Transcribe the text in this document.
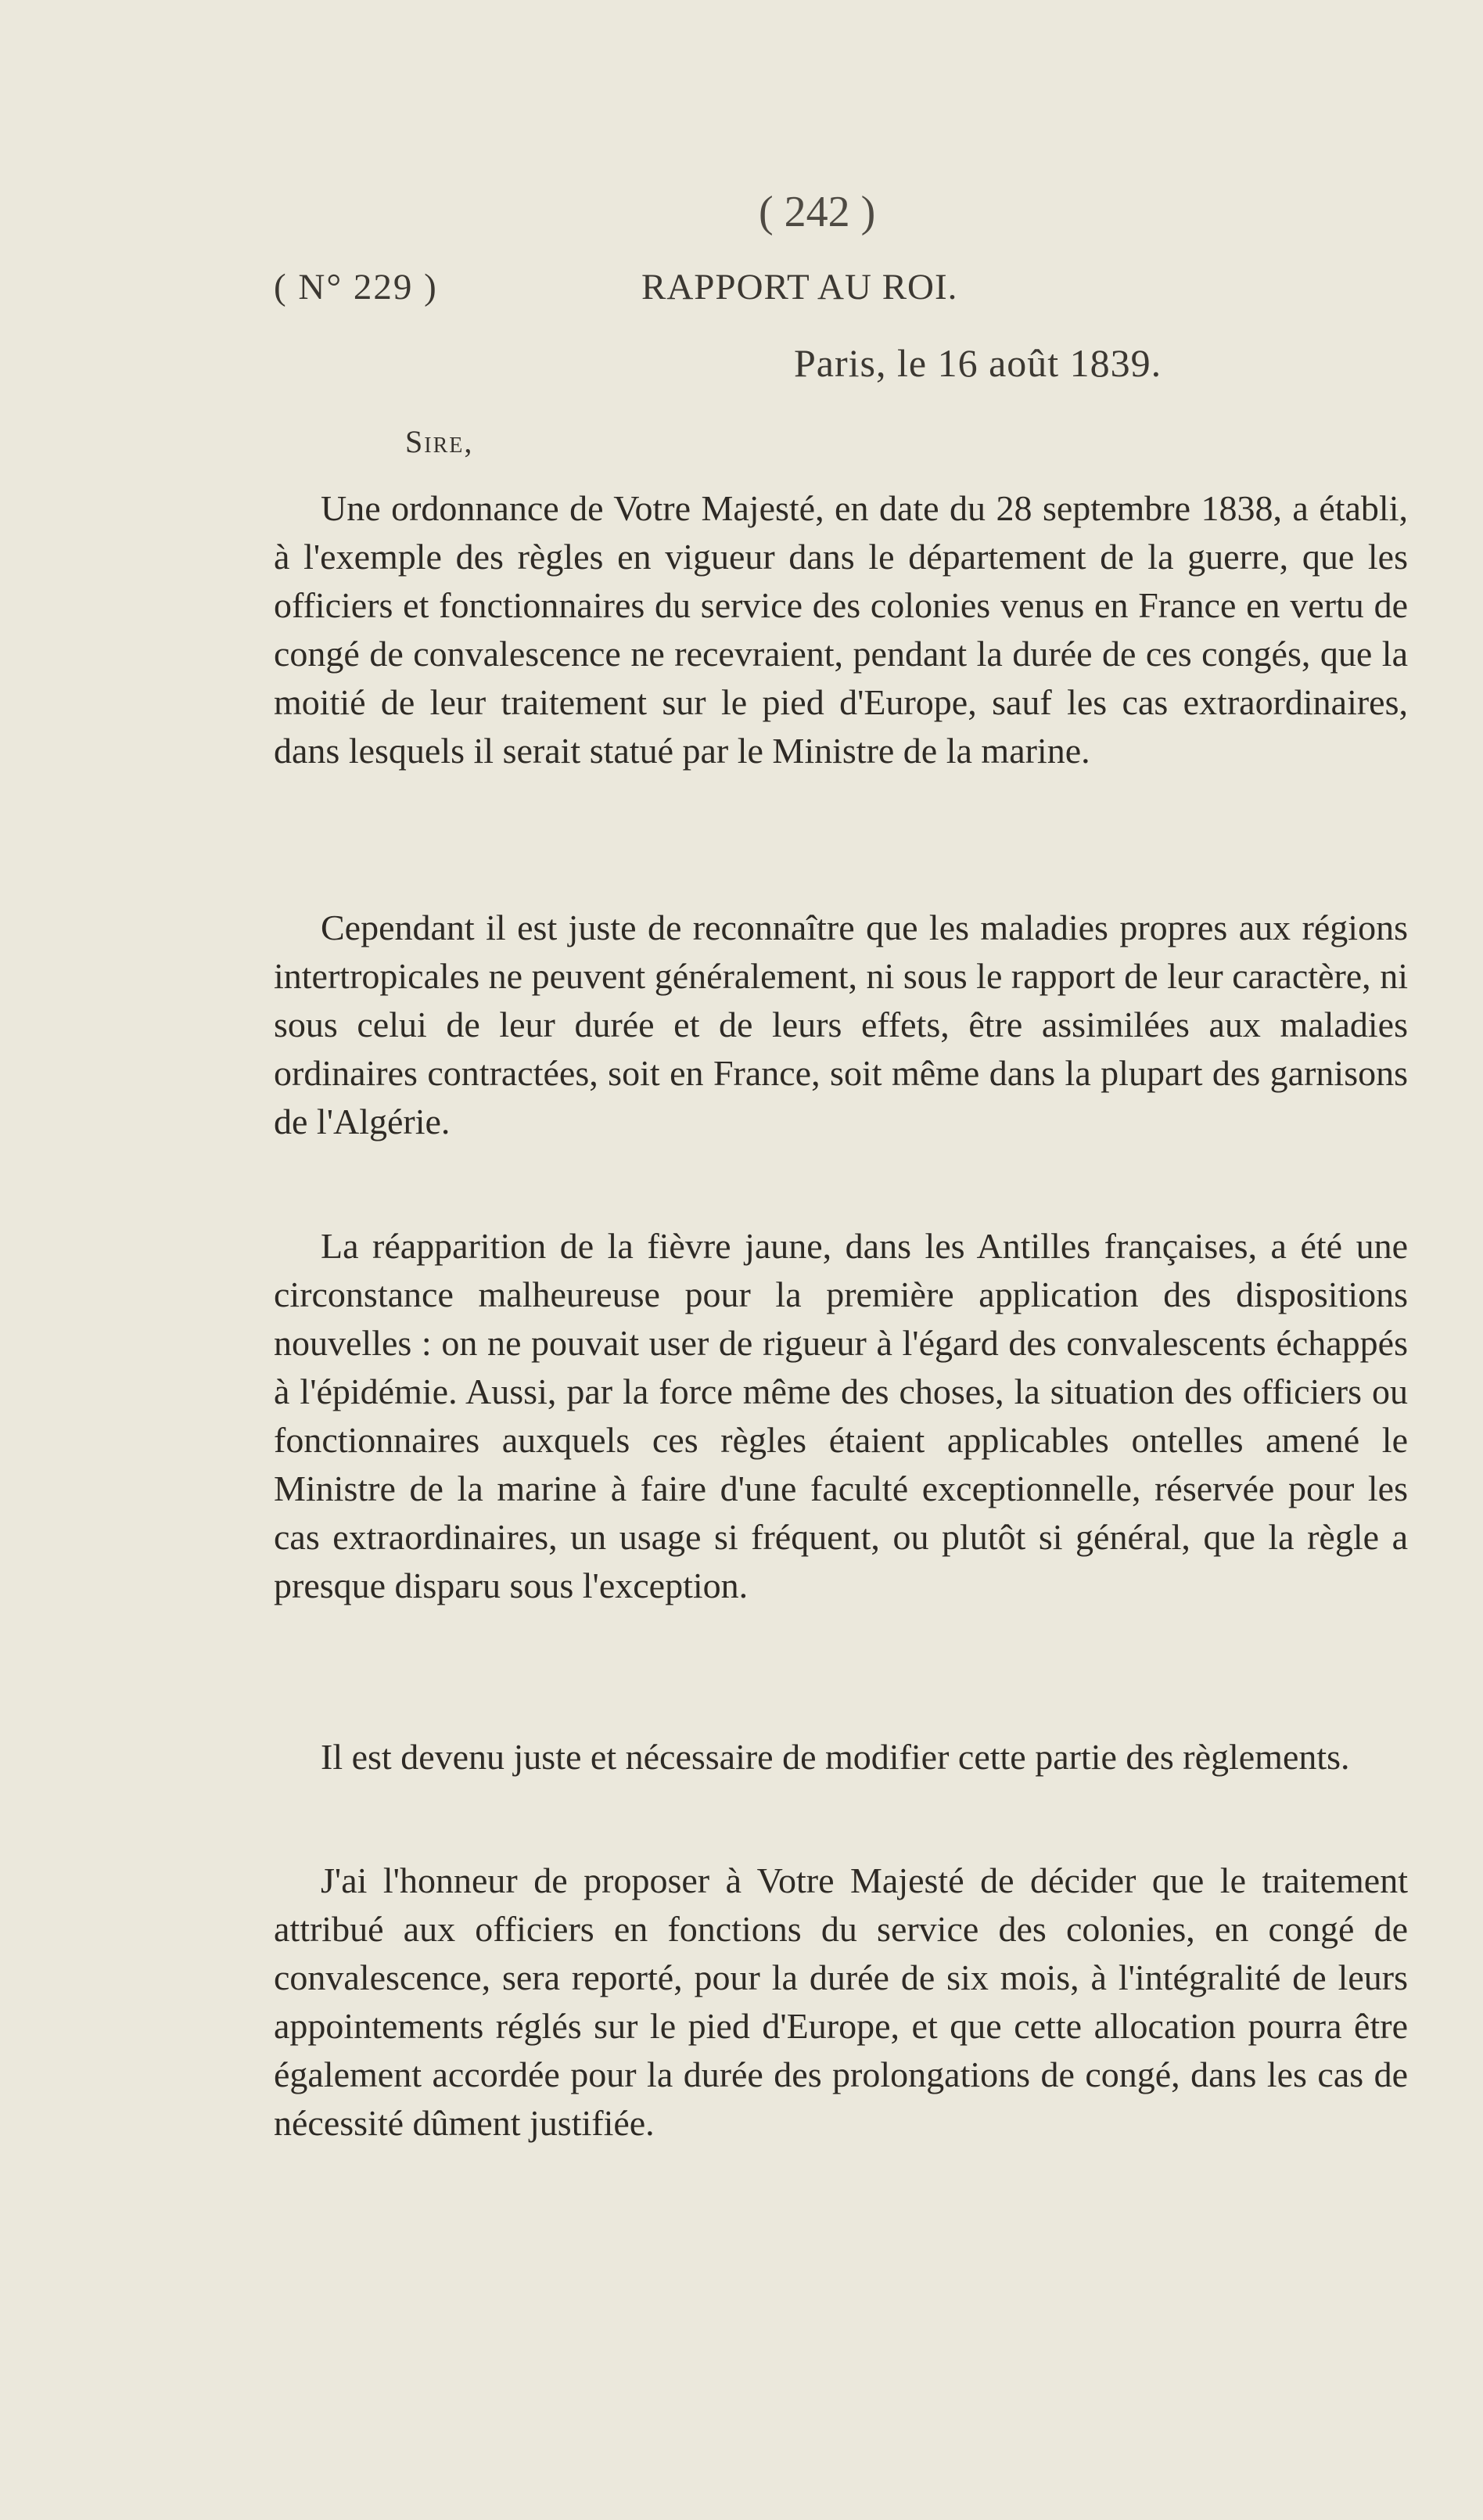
( 242 )
( N° 229 )	RAPPORT AU ROI.
Paris, le 16 août 1839.
Sire,

Une ordonnance de Votre Majesté, en date du 28 septembre 1838, a établi, à l'exemple des règles en vigueur dans le département de la guerre, que les officiers et fonctionnaires du service des colonies venus en France en vertu de congé de convalescence ne recevraient, pendant la durée de ces congés, que la moitié de leur traitement sur le pied d'Europe, sauf les cas extraordinaires, dans lesquels il serait statué par le Ministre de la marine.

Cependant il est juste de reconnaître que les maladies propres aux régions intertropicales ne peuvent généralement, ni sous le rapport de leur caractère, ni sous celui de leur durée et de leurs effets, être assimilées aux maladies ordinaires contractées, soit en France, soit même dans la plupart des garnisons de l'Algérie.

La réapparition de la fièvre jaune, dans les Antilles françaises, a été une circonstance malheureuse pour la première application des dispositions nouvelles : on ne pouvait user de rigueur à l'égard des convalescents échappés à l'épidémie. Aussi, par la force même des choses, la situation des officiers ou fonctionnaires auxquels ces règles étaient applicables ontelles amené le Ministre de la marine à faire d'une faculté exceptionnelle, réservée pour les cas extraordinaires, un usage si fréquent, ou plutôt si général, que la règle a presque disparu sous l'exception.

Il est devenu juste et nécessaire de modifier cette partie des règlements.

J'ai l'honneur de proposer à Votre Majesté de décider que le traitement attribué aux officiers en fonctions du service des colonies, en congé de convalescence, sera reporté, pour la durée de six mois, à l'intégralité de leurs appointements réglés sur le pied d'Europe, et que cette allocation pourra être également accordée pour la durée des prolongations de congé, dans les cas de nécessité dûment justifiée.
